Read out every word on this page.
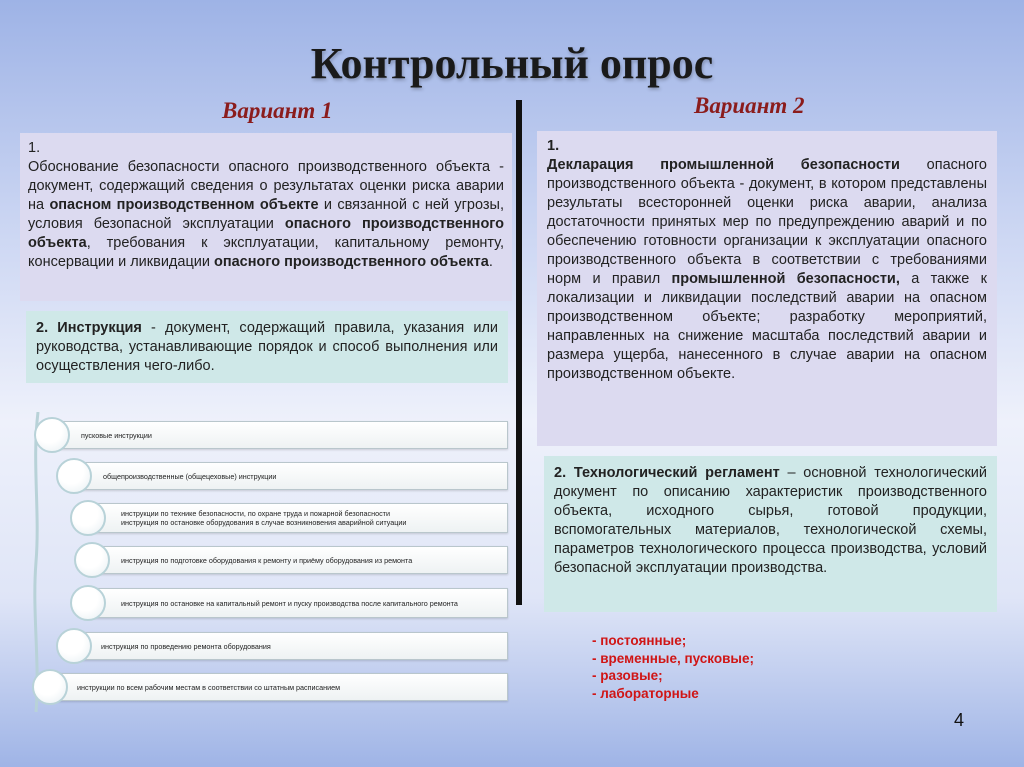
Контрольный опрос
Вариант 1	Вариант 2
1.
Обоснование безопасности опасного производственного объекта - документ, содержащий сведения о результатах оценки риска аварии на опасном производственном объекте и связанной с ней угрозы, условия безопасной эксплуатации опасного производственного объекта, требования к эксплуатации, капитальному ремонту, консервации и ликвидации опасного производственного объекта.
2. Инструкция - документ, содержащий правила, указания или руководства, устанавливающие порядок и способ выполнения или осуществления чего-либо.
пусковые инструкции
общепроизводственные (общецеховые) инструкции
инструкции по технике безопасности, по охране труда и пожарной безопасности
инструкция по остановке оборудования в случае возникновения аварийной ситуации
инструкция по подготовке оборудования к ремонту и приёму оборудования из ремонта
инструкция по остановке на капитальный ремонт и пуску производства после капитального ремонта
инструкция по проведению ремонта оборудования
инструкции по всем рабочим местам в соответствии со штатным расписанием
1.
Декларация промышленной безопасности опасного производственного объекта - документ, в котором представлены результаты всесторонней оценки риска аварии, анализа достаточности принятых мер по предупреждению аварий и по обеспечению готовности организации к эксплуатации опасного производственного объекта в соответствии с требованиями норм и правил промышленной безопасности, а также к локализации и ликвидации последствий аварии на опасном производственном объекте; разработку мероприятий, направленных на снижение масштаба последствий аварии и размера ущерба, нанесенного в случае аварии на опасном производственном объекте.
2. Технологический регламент – основной технологический документ по описанию характеристик производственного объекта, исходного сырья, готовой продукции, вспомогательных материалов, технологической схемы, параметров технологического процесса производства, условий безопасной эксплуатации производства.
- постоянные;
- временные, пусковые;
- разовые;
- лабораторные
4
